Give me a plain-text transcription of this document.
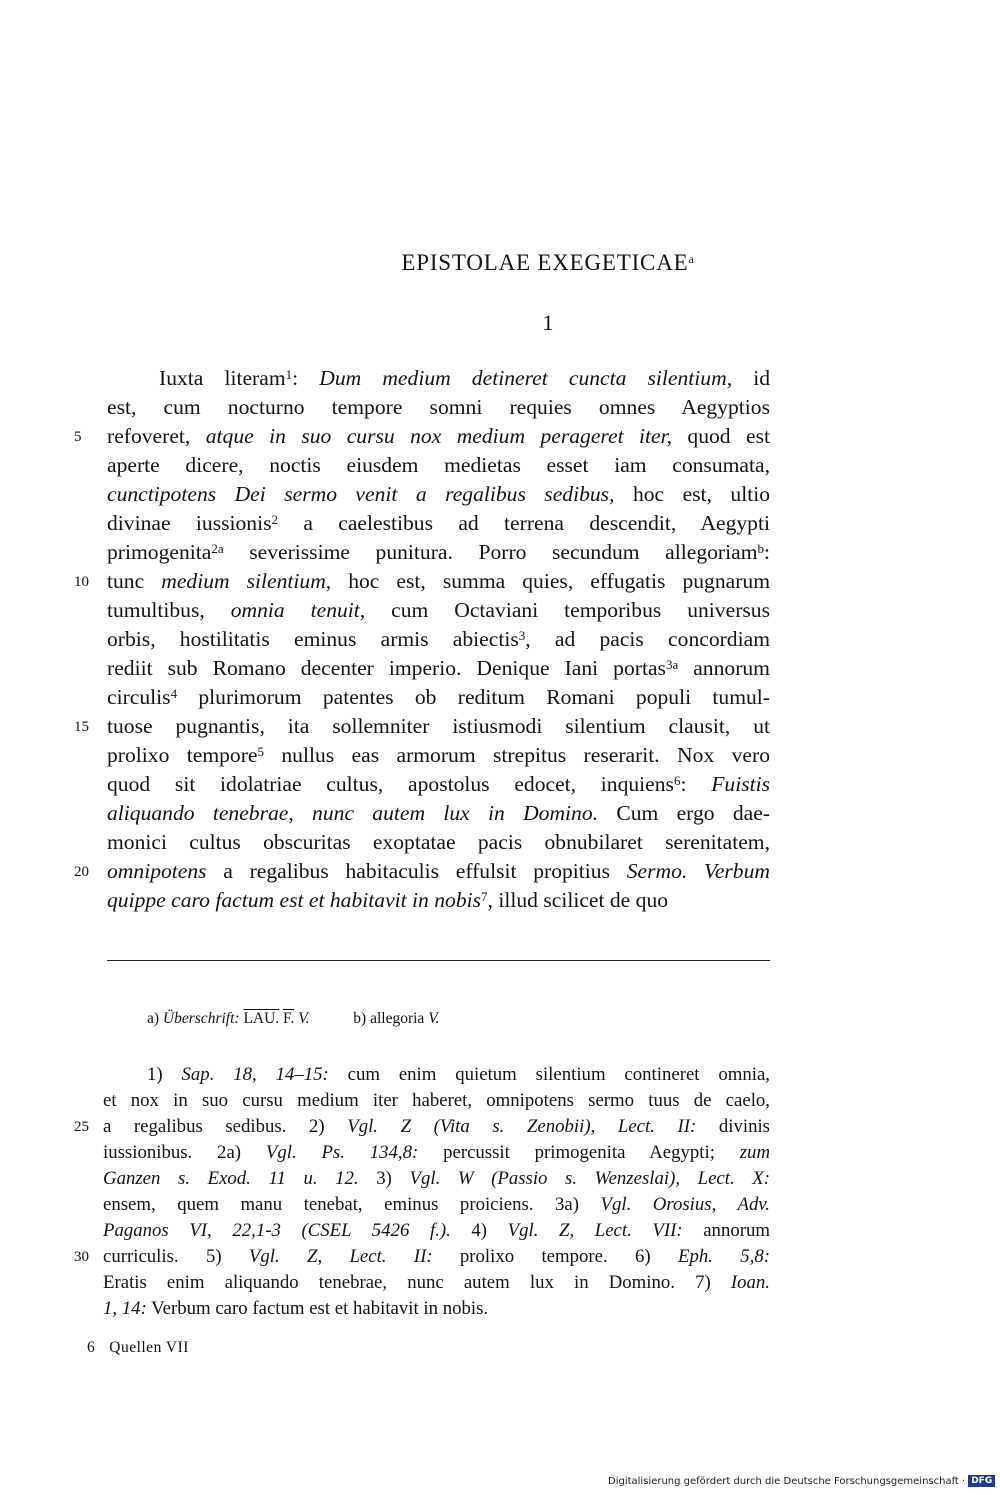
EPISTOLAE EXEGETICAE$^a$
1
Iuxta literam$^1$: Dum medium detineret cuncta silentium, id
est, cum nocturno tempore somni requies omnes Aegyptios
refoveret, atque in suo cursu nox medium perageret iter, quod est
5
aperte dicere, noctis eiusdem medietas esset iam consumata,
cunctipotens Dei sermo venit a regalibus sedibus, hoc est, ultio
divinae iussionis$^2$ a caelestibus ad terrena descendit, Aegypti
primogenita$^{2a}$ severissime punitura. Porro secundum allegoriam$^b$:
tunc medium silentium, hoc est, summa quies, effugatis pugnarum
10
tumultibus, omnia tenuit, cum Octaviani temporibus universus
orbis, hostilitatis eminus armis abiectis$^3$, ad pacis concordiam
rediit sub Romano decenter imperio. Denique Iani portas$^{3a}$ annorum
circulis$^4$ plurimorum patentes ob reditum Romani populi tumul-
tuose pugnantis, ita sollemniter istiusmodi silentium clausit, ut
15
prolixo tempore$^5$ nullus eas armorum strepitus reserarit. Nox vero
quod sit idolatriae cultus, apostolus edocet, inquiens$^6$: Fuistis
aliquando tenebrae, nunc autem lux in Domino. Cum ergo dae-
monici cultus obscuritas exoptatae pacis obnubilaret serenitatem,
omnipotens a regalibus habitaculis effulsit propitius Sermo. Verbum
20
quippe caro factum est et habitavit in nobis$^7$, illud scilicet de quo
a) Überschrift: LAU. F. V.	b) allegoria V.
1) Sap. 18, 14–15: cum enim quietum silentium contineret omnia,
et nox in suo cursu medium iter haberet, omnipotens sermo tuus de caelo,
a regalibus sedibus. 2) Vgl. Z (Vita s. Zenobii), Lect. II: divinis
25
iussionibus. 2a) Vgl. Ps. 134,8: percussit primogenita Aegypti; zum
Ganzen s. Exod. 11 u. 12. 3) Vgl. W (Passio s. Wenzeslai), Lect. X:
ensem, quem manu tenebat, eminus proiciens. 3a) Vgl. Orosius, Adv.
Paganos VI, 22,1-3 (CSEL 5426 f.). 4) Vgl. Z, Lect. VII: annorum
curriculis. 5) Vgl. Z, Lect. II: prolixo tempore. 6) Eph. 5,8:
30
Eratis enim aliquando tenebrae, nunc autem lux in Domino. 7) Ioan.
1, 14: Verbum caro factum est et habitavit in nobis.
6 Quellen VII
Digitalisierung gefördert durch die Deutsche Forschungsgemeinschaft · DFG
